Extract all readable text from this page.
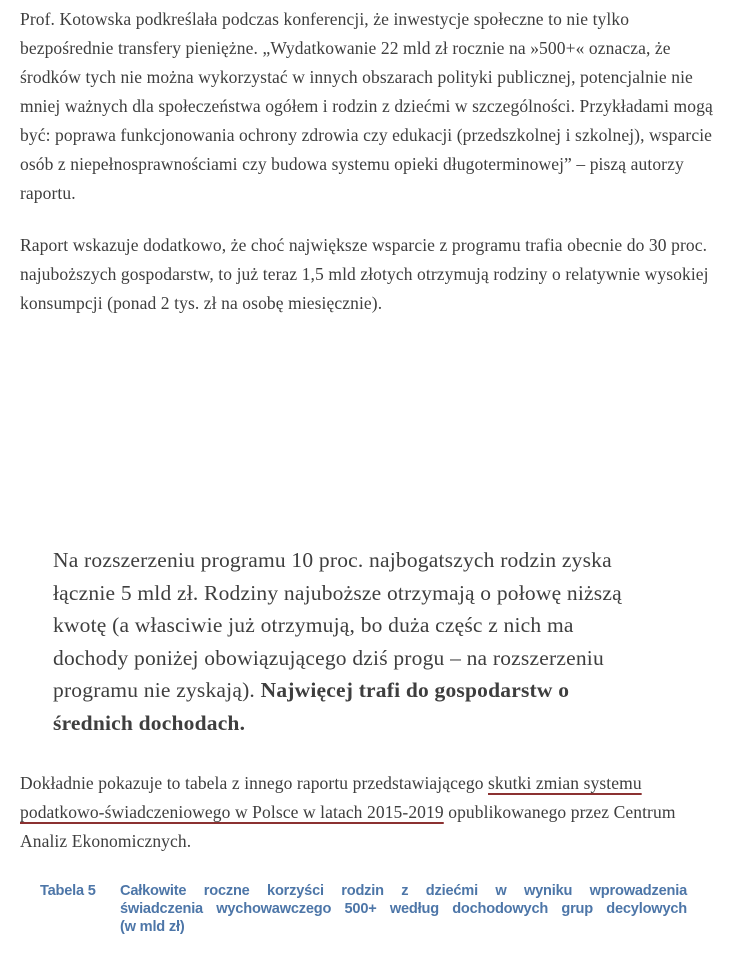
Prof. Kotowska podkreślała podczas konferencji, że inwestycje społeczne to nie tylko bezpośrednie transfery pieniężne. „Wydatkowanie 22 mld zł rocznie na »500+« oznacza, że środków tych nie można wykorzystać w innych obszarach polityki publicznej, potencjalnie nie mniej ważnych dla społeczeństwa ogółem i rodzin z dziećmi w szczególności. Przykładami mogą być: poprawa funkcjonowania ochrony zdrowia czy edukacji (przedszkolnej i szkolnej), wsparcie osób z niepełnosprawnościami czy budowa systemu opieki długoterminowej” – piszą autorzy raportu.

Raport wskazuje dodatkowo, że choć największe wsparcie z programu trafia obecnie do 30 proc. najuboższych gospodarstw, to już teraz 1,5 mld złotych otrzymują rodziny o relatywnie wysokiej konsumpcji (ponad 2 tys. zł na osobę miesięcznie).

Na rozszerzeniu programu 10 proc. najbogatszych rodzin zyska łącznie 5 mld zł. Rodziny najuboższe otrzymają o połowę niższą kwotę (a własciwie już otrzymują, bo duża częśc z nich ma dochody poniżej obowiązującego dziś progu – na rozszerzeniu programu nie zyskają). Najwięcej trafi do gospodarstw o średnich dochodach.

Dokładnie pokazuje to tabela z innego raportu przedstawiającego skutki zmian systemu podatkowo-świadczeniowego w Polsce w latach 2015-2019 opublikowanego przez Centrum Analiz Ekonomicznych.

Tabela 5	Całkowite roczne korzyści rodzin z dziećmi w wyniku wprowadzenia
świadczenia wychowawczego 500+ według dochodowych grup decylowych
(w mld zł)
